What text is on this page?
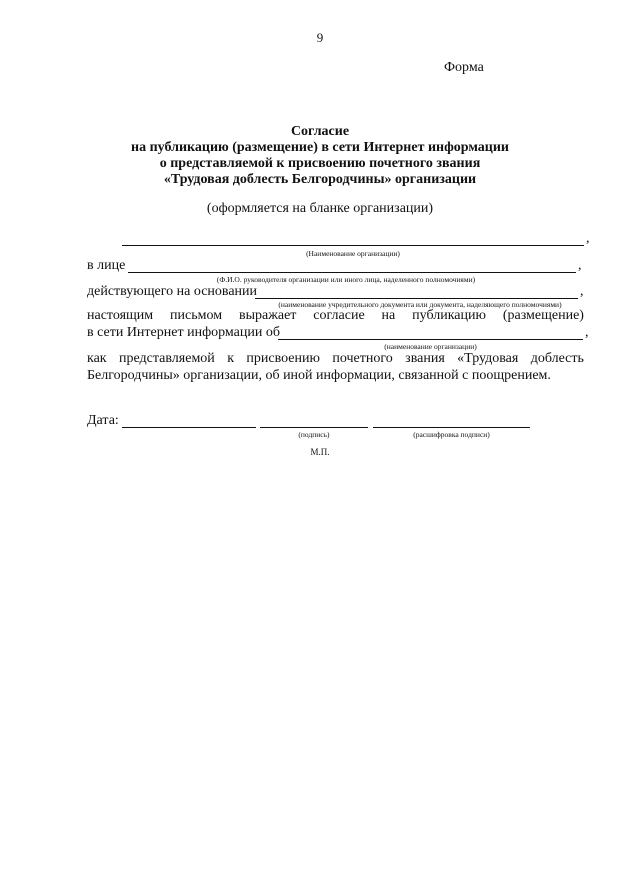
9
Форма
Согласие
на публикацию (размещение) в сети Интернет информации
о представляемой к присвоению почетного звания
«Трудовая доблесть Белгородчины» организации
(оформляется на бланке организации)
,
(Наименование организации)
в лице	,
(Ф.И.О. руководителя организации или иного лица, наделенного полномочиями)
действующего на основании	,
(наименование учредительного документа или документа, наделяющего полномочиями)
настоящим письмом выражает согласие на публикацию (размещение)
в сети Интернет информации об	,
(наименование организации)
как представляемой к присвоению почетного звания «Трудовая доблесть
Белгородчины» организации, об иной информации, связанной с поощрением.
Дата:
(подпись)	(расшифровка подписи)
М.П.
